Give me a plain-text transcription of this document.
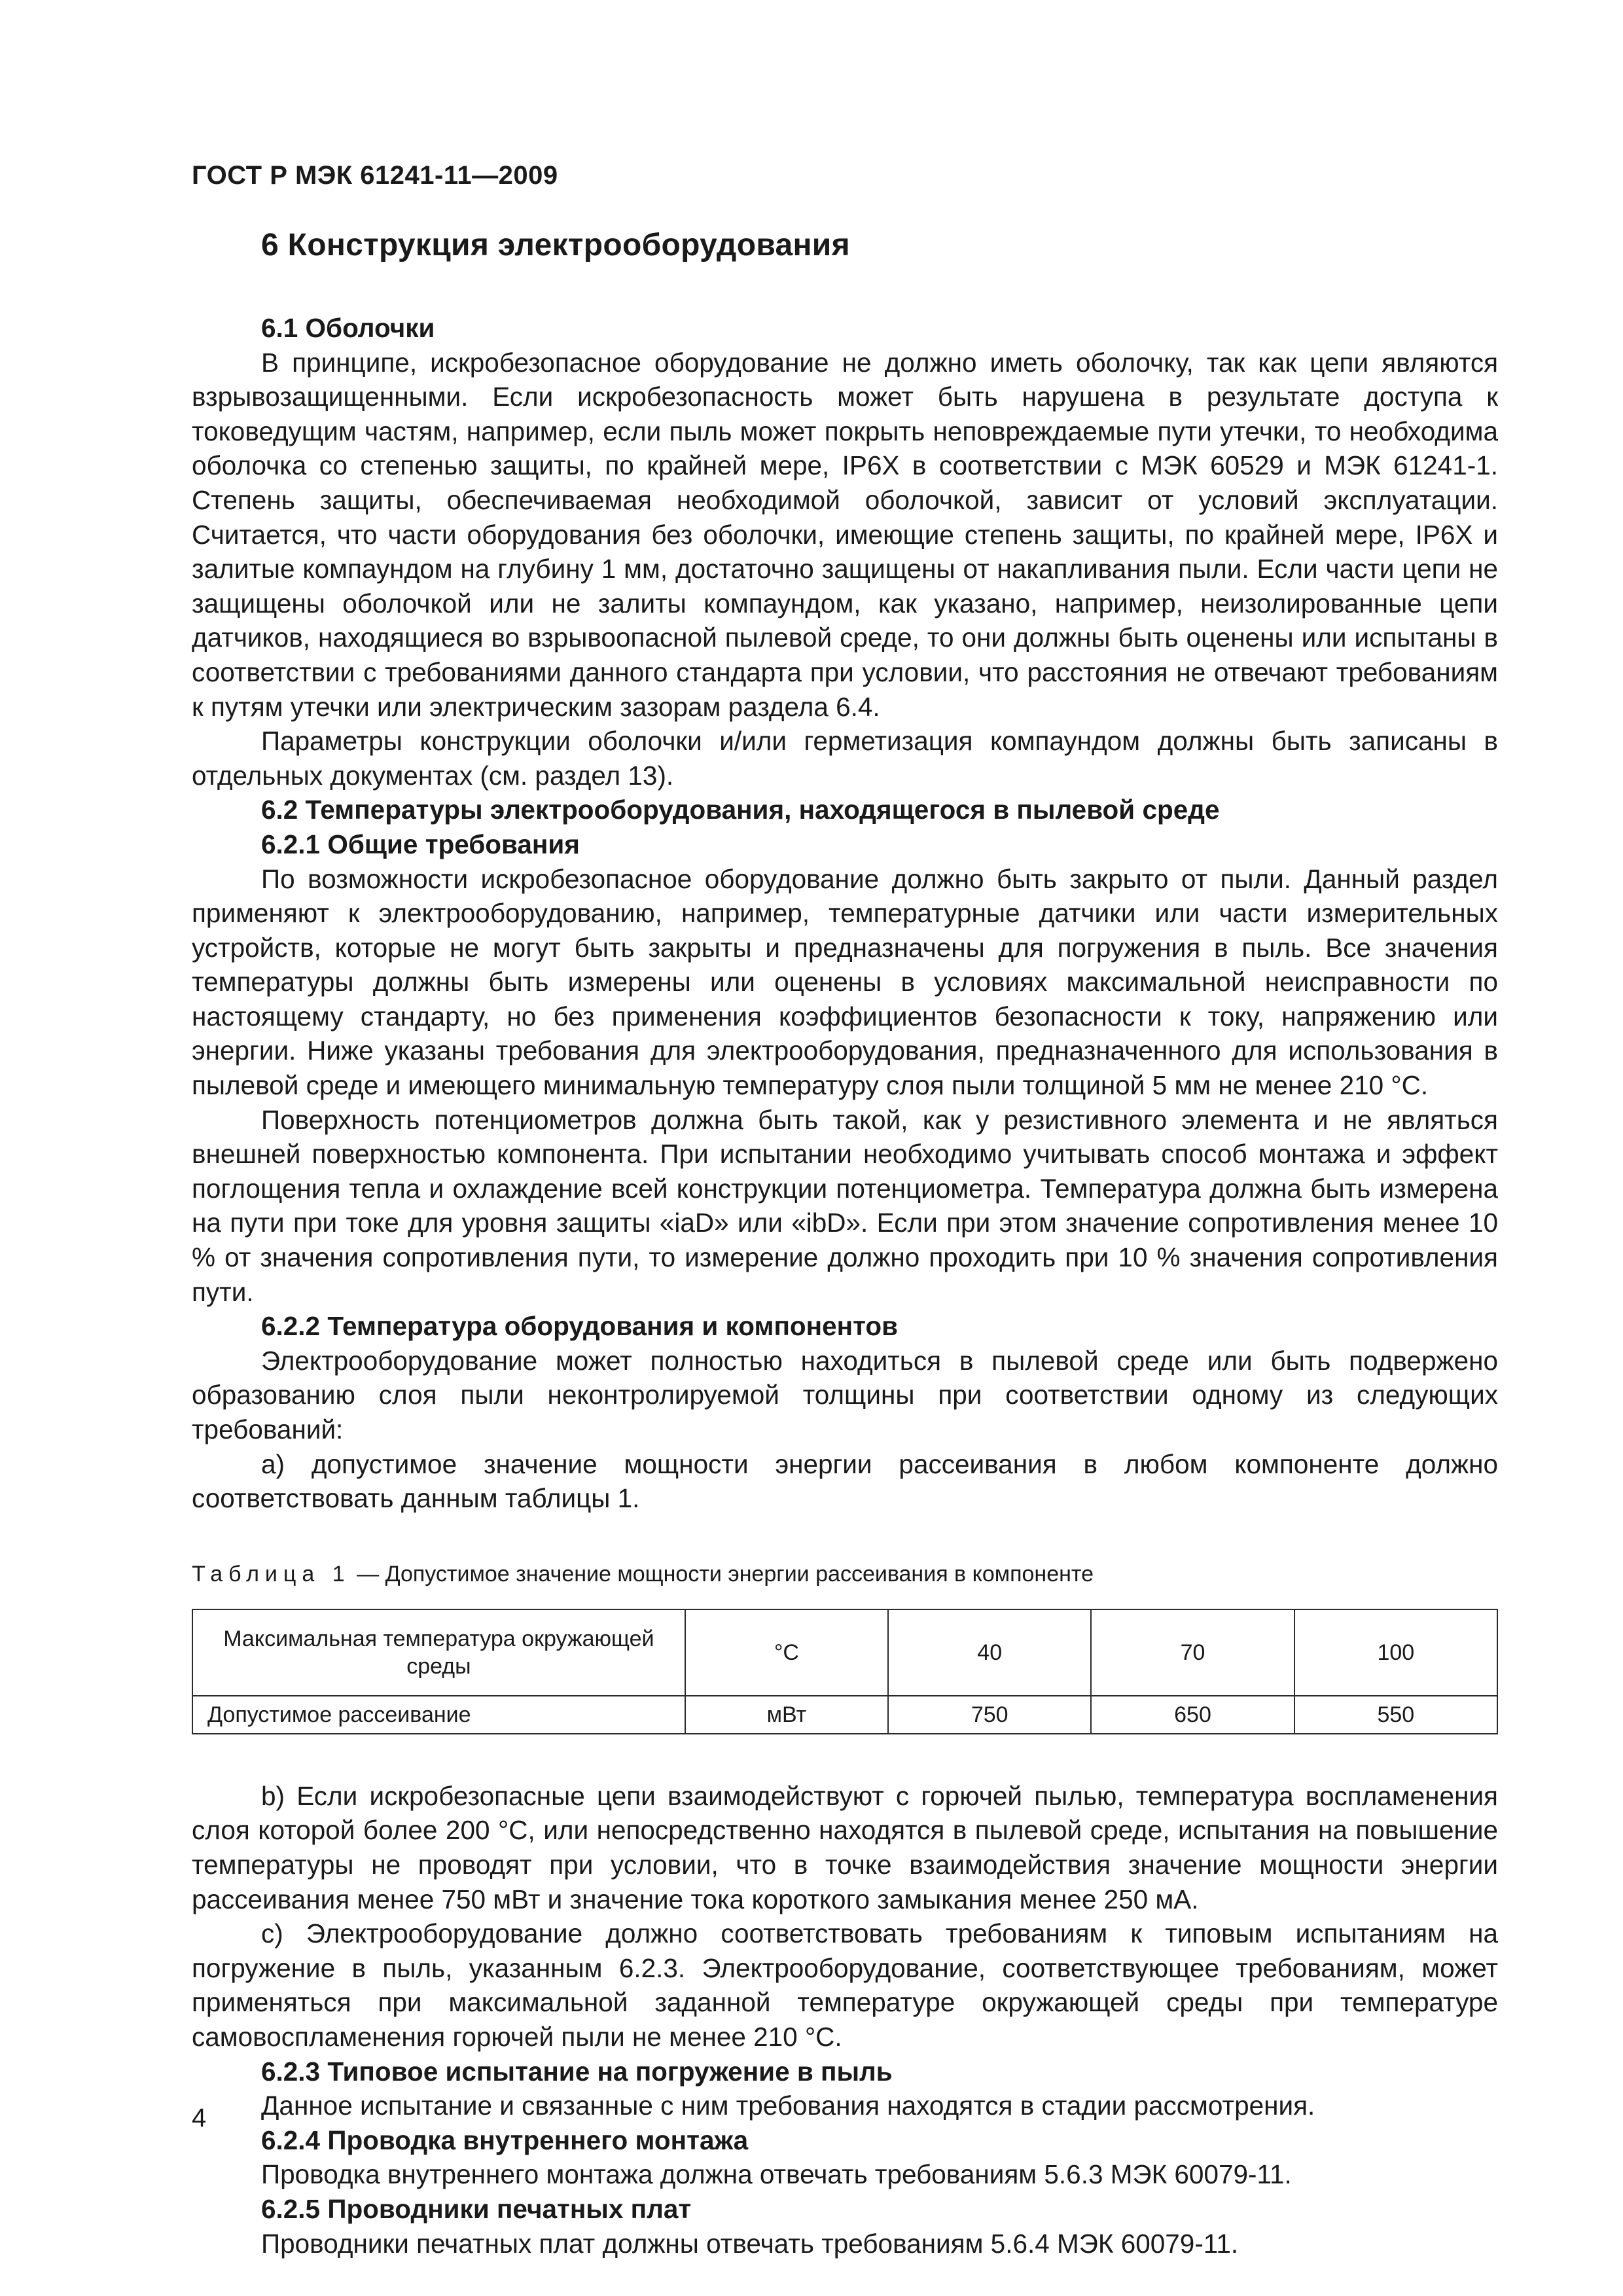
ГОСТ Р МЭК 61241-11—2009
6 Конструкция электрооборудования

6.1 Оболочки

В принципе, искробезопасное оборудование не должно иметь оболочку, так как цепи являются взрывозащищенными. Если искробезопасность может быть нарушена в результате доступа к токоведущим частям, например, если пыль может покрыть неповреждаемые пути утечки, то необходима оболочка со степенью защиты, по крайней мере, IP6X в соответствии с МЭК 60529 и МЭК 61241-1. Степень защиты, обеспечиваемая необходимой оболочкой, зависит от условий эксплуатации. Считается, что части оборудования без оболочки, имеющие степень защиты, по крайней мере, IP6X и залитые компаундом на глубину 1 мм, достаточно защищены от накапливания пыли. Если части цепи не защищены оболочкой или не залиты компаундом, как указано, например, неизолированные цепи датчиков, находящиеся во взрывоопасной пылевой среде, то они должны быть оценены или испытаны в соответствии с требованиями данного стандарта при условии, что расстояния не отвечают требованиям к путям утечки или электрическим зазорам раздела 6.4.

Параметры конструкции оболочки и/или герметизация компаундом должны быть записаны в отдельных документах (см. раздел 13).

6.2 Температуры электрооборудования, находящегося в пылевой среде

6.2.1 Общие требования

По возможности искробезопасное оборудование должно быть закрыто от пыли. Данный раздел применяют к электрооборудованию, например, температурные датчики или части измерительных устройств, которые не могут быть закрыты и предназначены для погружения в пыль. Все значения температуры должны быть измерены или оценены в условиях максимальной неисправности по настоящему стандарту, но без применения коэффициентов безопасности к току, напряжению или энергии. Ниже указаны требования для электрооборудования, предназначенного для использования в пылевой среде и имеющего минимальную температуру слоя пыли толщиной 5 мм не менее 210 °С.

Поверхность потенциометров должна быть такой, как у резистивного элемента и не являться внешней поверхностью компонента. При испытании необходимо учитывать способ монтажа и эффект поглощения тепла и охлаждение всей конструкции потенциометра. Температура должна быть измерена на пути при токе для уровня защиты «iaD» или «ibD». Если при этом значение сопротивления менее 10 % от значения сопротивления пути, то измерение должно проходить при 10 % значения сопротивления пути.

6.2.2 Температура оборудования и компонентов

Электрооборудование может полностью находиться в пылевой среде или быть подвержено образованию слоя пыли неконтролируемой толщины при соответствии одному из следующих требований:

a) допустимое значение мощности энергии рассеивания в любом компоненте должно соответствовать данным таблицы 1.

Таблица 1 — Допустимое значение мощности энергии рассеивания в компоненте

Максимальная температура окружающей среды	°С	40	70	100
Допустимое рассеивание	мВт	750	650	550

b) Если искробезопасные цепи взаимодействуют с горючей пылью, температура воспламенения слоя которой более 200 °С, или непосредственно находятся в пылевой среде, испытания на повышение температуры не проводят при условии, что в точке взаимодействия значение мощности энергии рассеивания менее 750 мВт и значение тока короткого замыкания менее 250 мА.

c) Электрооборудование должно соответствовать требованиям к типовым испытаниям на погружение в пыль, указанным 6.2.3. Электрооборудование, соответствующее требованиям, может применяться при максимальной заданной температуре окружающей среды при температуре самовоспламенения горючей пыли не менее 210 °С.

6.2.3 Типовое испытание на погружение в пыль

Данное испытание и связанные с ним требования находятся в стадии рассмотрения.

6.2.4 Проводка внутреннего монтажа

Проводка внутреннего монтажа должна отвечать требованиям 5.6.3 МЭК 60079-11.

6.2.5 Проводники печатных плат

Проводники печатных плат должны отвечать требованиям 5.6.4 МЭК 60079-11.

4
